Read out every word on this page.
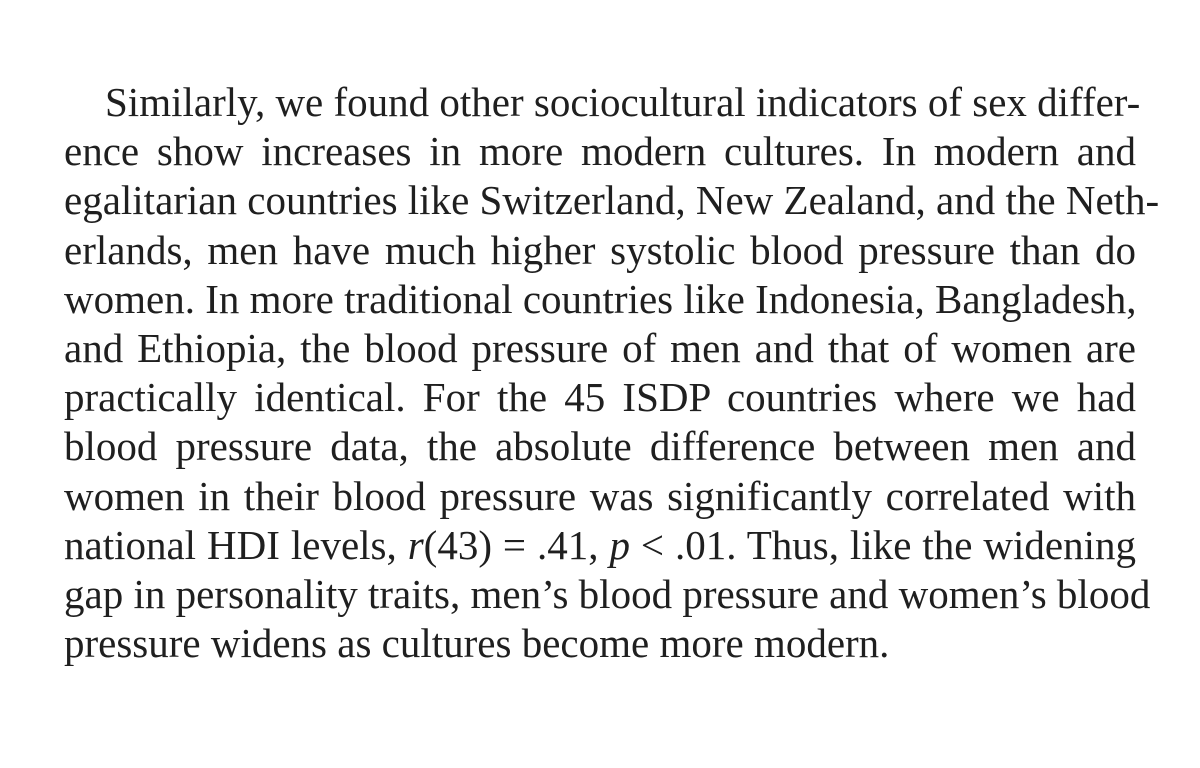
Similarly, we found other sociocultural indicators of sex differ-
ence show increases in more modern cultures. In modern and
egalitarian countries like Switzerland, New Zealand, and the Neth-
erlands, men have much higher systolic blood pressure than do
women. In more traditional countries like Indonesia, Bangladesh,
and Ethiopia, the blood pressure of men and that of women are
practically identical. For the 45 ISDP countries where we had
blood pressure data, the absolute difference between men and
women in their blood pressure was significantly correlated with
national HDI levels, r(43) = .41, p < .01. Thus, like the widening
gap in personality traits, men’s blood pressure and women’s blood
pressure widens as cultures become more modern.
